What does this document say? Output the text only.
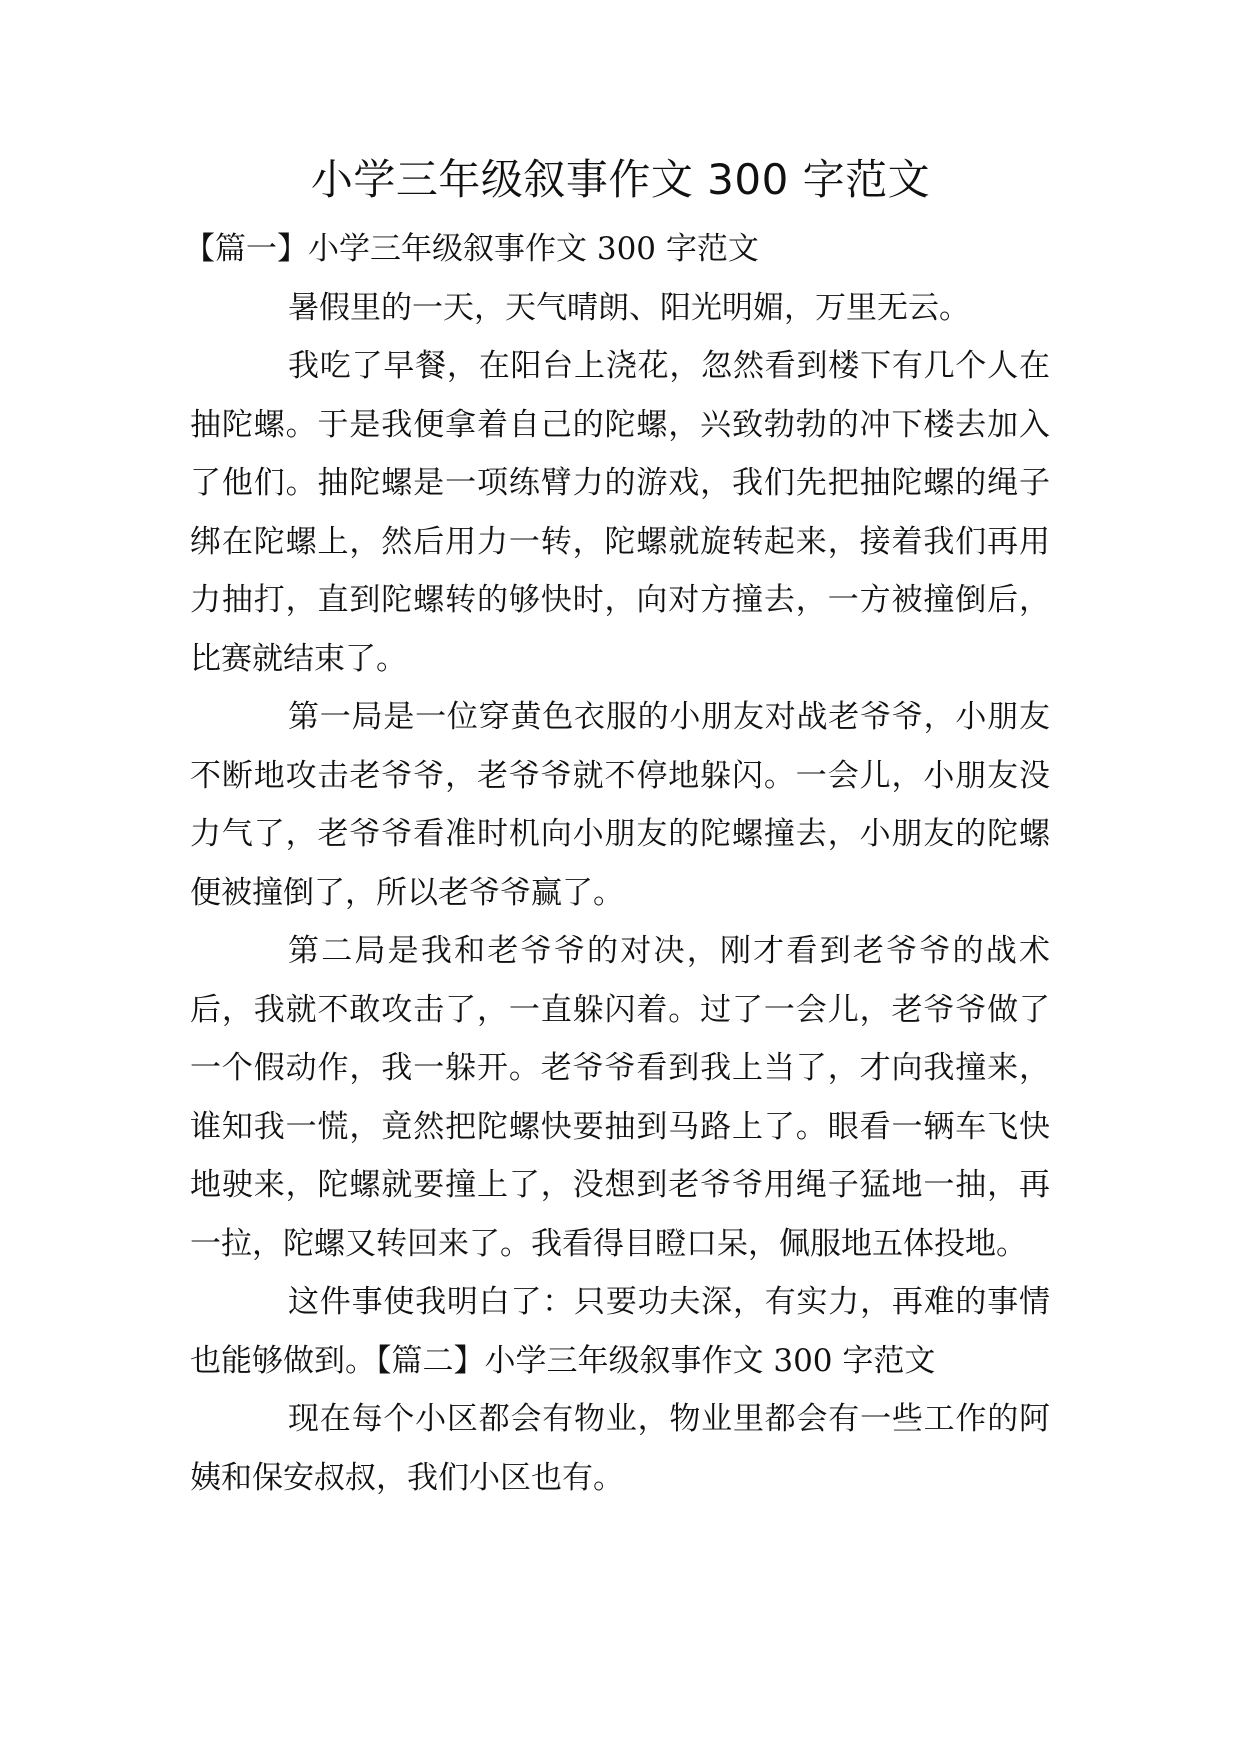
小学三年级叙事作文 300 字范文

【篇一】小学三年级叙事作文 300 字范文

暑假里的一天，天气晴朗、阳光明媚，万里无云。

我吃了早餐，在阳台上浇花，忽然看到楼下有几个人在抽陀螺。于是我便拿着自己的陀螺，兴致勃勃的冲下楼去加入了他们。抽陀螺是一项练臂力的游戏，我们先把抽陀螺的绳子绑在陀螺上，然后用力一转，陀螺就旋转起来，接着我们再用力抽打，直到陀螺转的够快时，向对方撞去，一方被撞倒后，比赛就结束了。

第一局是一位穿黄色衣服的小朋友对战老爷爷，小朋友不断地攻击老爷爷，老爷爷就不停地躲闪。一会儿，小朋友没力气了，老爷爷看准时机向小朋友的陀螺撞去，小朋友的陀螺便被撞倒了，所以老爷爷赢了。

第二局是我和老爷爷的对决，刚才看到老爷爷的战术后，我就不敢攻击了，一直躲闪着。过了一会儿，老爷爷做了一个假动作，我一躲开。老爷爷看到我上当了，才向我撞来，谁知我一慌，竟然把陀螺快要抽到马路上了。眼看一辆车飞快地驶来，陀螺就要撞上了，没想到老爷爷用绳子猛地一抽，再一拉，陀螺又转回来了。我看得目瞪口呆，佩服地五体投地。

这件事使我明白了：只要功夫深，有实力，再难的事情也能够做到。【篇二】小学三年级叙事作文 300 字范文

现在每个小区都会有物业，物业里都会有一些工作的阿姨和保安叔叔，我们小区也有。
